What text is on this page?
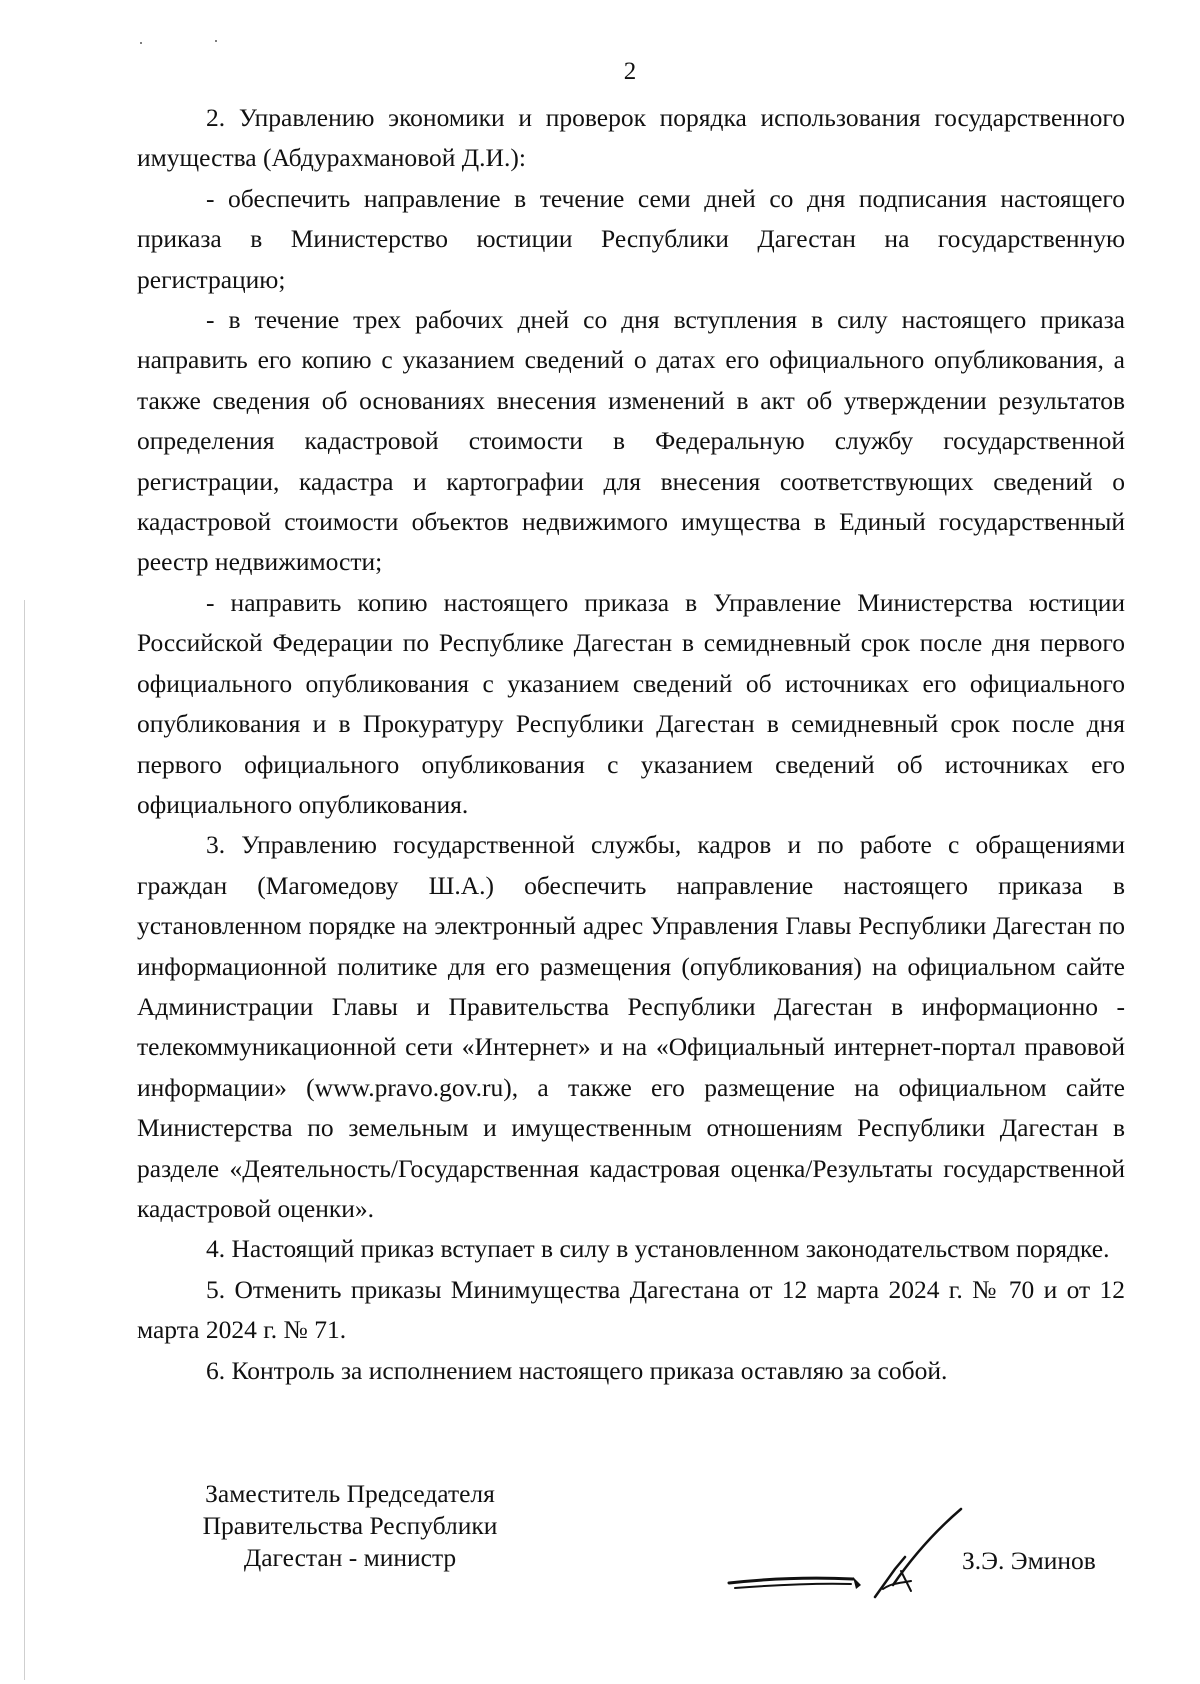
2

2. Управлению экономики и проверок порядка использования государственного имущества (Абдурахмановой Д.И.):

- обеспечить направление в течение семи дней со дня подписания настоящего приказа в Министерство юстиции Республики Дагестан на государственную регистрацию;

- в течение трех рабочих дней со дня вступления в силу настоящего приказа направить его копию с указанием сведений о датах его официального опубликования, а также сведения об основаниях внесения изменений в акт об утверждении результатов определения кадастровой стоимости в Федеральную службу государственной регистрации, кадастра и картографии для внесения соответствующих сведений о кадастровой стоимости объектов недвижимого имущества в Единый государственный реестр недвижимости;

- направить копию настоящего приказа в Управление Министерства юстиции Российской Федерации по Республике Дагестан в семидневный срок после дня первого официального опубликования с указанием сведений об источниках его официального опубликования и в Прокуратуру Республики Дагестан в семидневный срок после дня первого официального опубликования с указанием сведений об источниках его официального опубликования.

3. Управлению государственной службы, кадров и по работе с обращениями граждан (Магомедову Ш.А.) обеспечить направление настоящего приказа в установленном порядке на электронный адрес Управления Главы Республики Дагестан по информационной политике для его размещения (опубликования) на официальном сайте Администрации Главы и Правительства Республики Дагестан в информационно - телекоммуникационной сети «Интернет» и на «Официальный интернет-портал правовой информации» (www.pravo.gov.ru), а также его размещение на официальном сайте Министерства по земельным и имущественным отношениям Республики Дагестан в разделе «Деятельность/Государственная кадастровая оценка/Результаты государственной кадастровой оценки».

4. Настоящий приказ вступает в силу в установленном законодательством порядке.

5. Отменить приказы Минимущества Дагестана от 12 марта 2024 г. № 70 и от 12 марта 2024 г. № 71.

6. Контроль за исполнением настоящего приказа оставляю за собой.

Заместитель Председателя
Правительства Республики
Дагестан - министр	З.Э. Эминов
